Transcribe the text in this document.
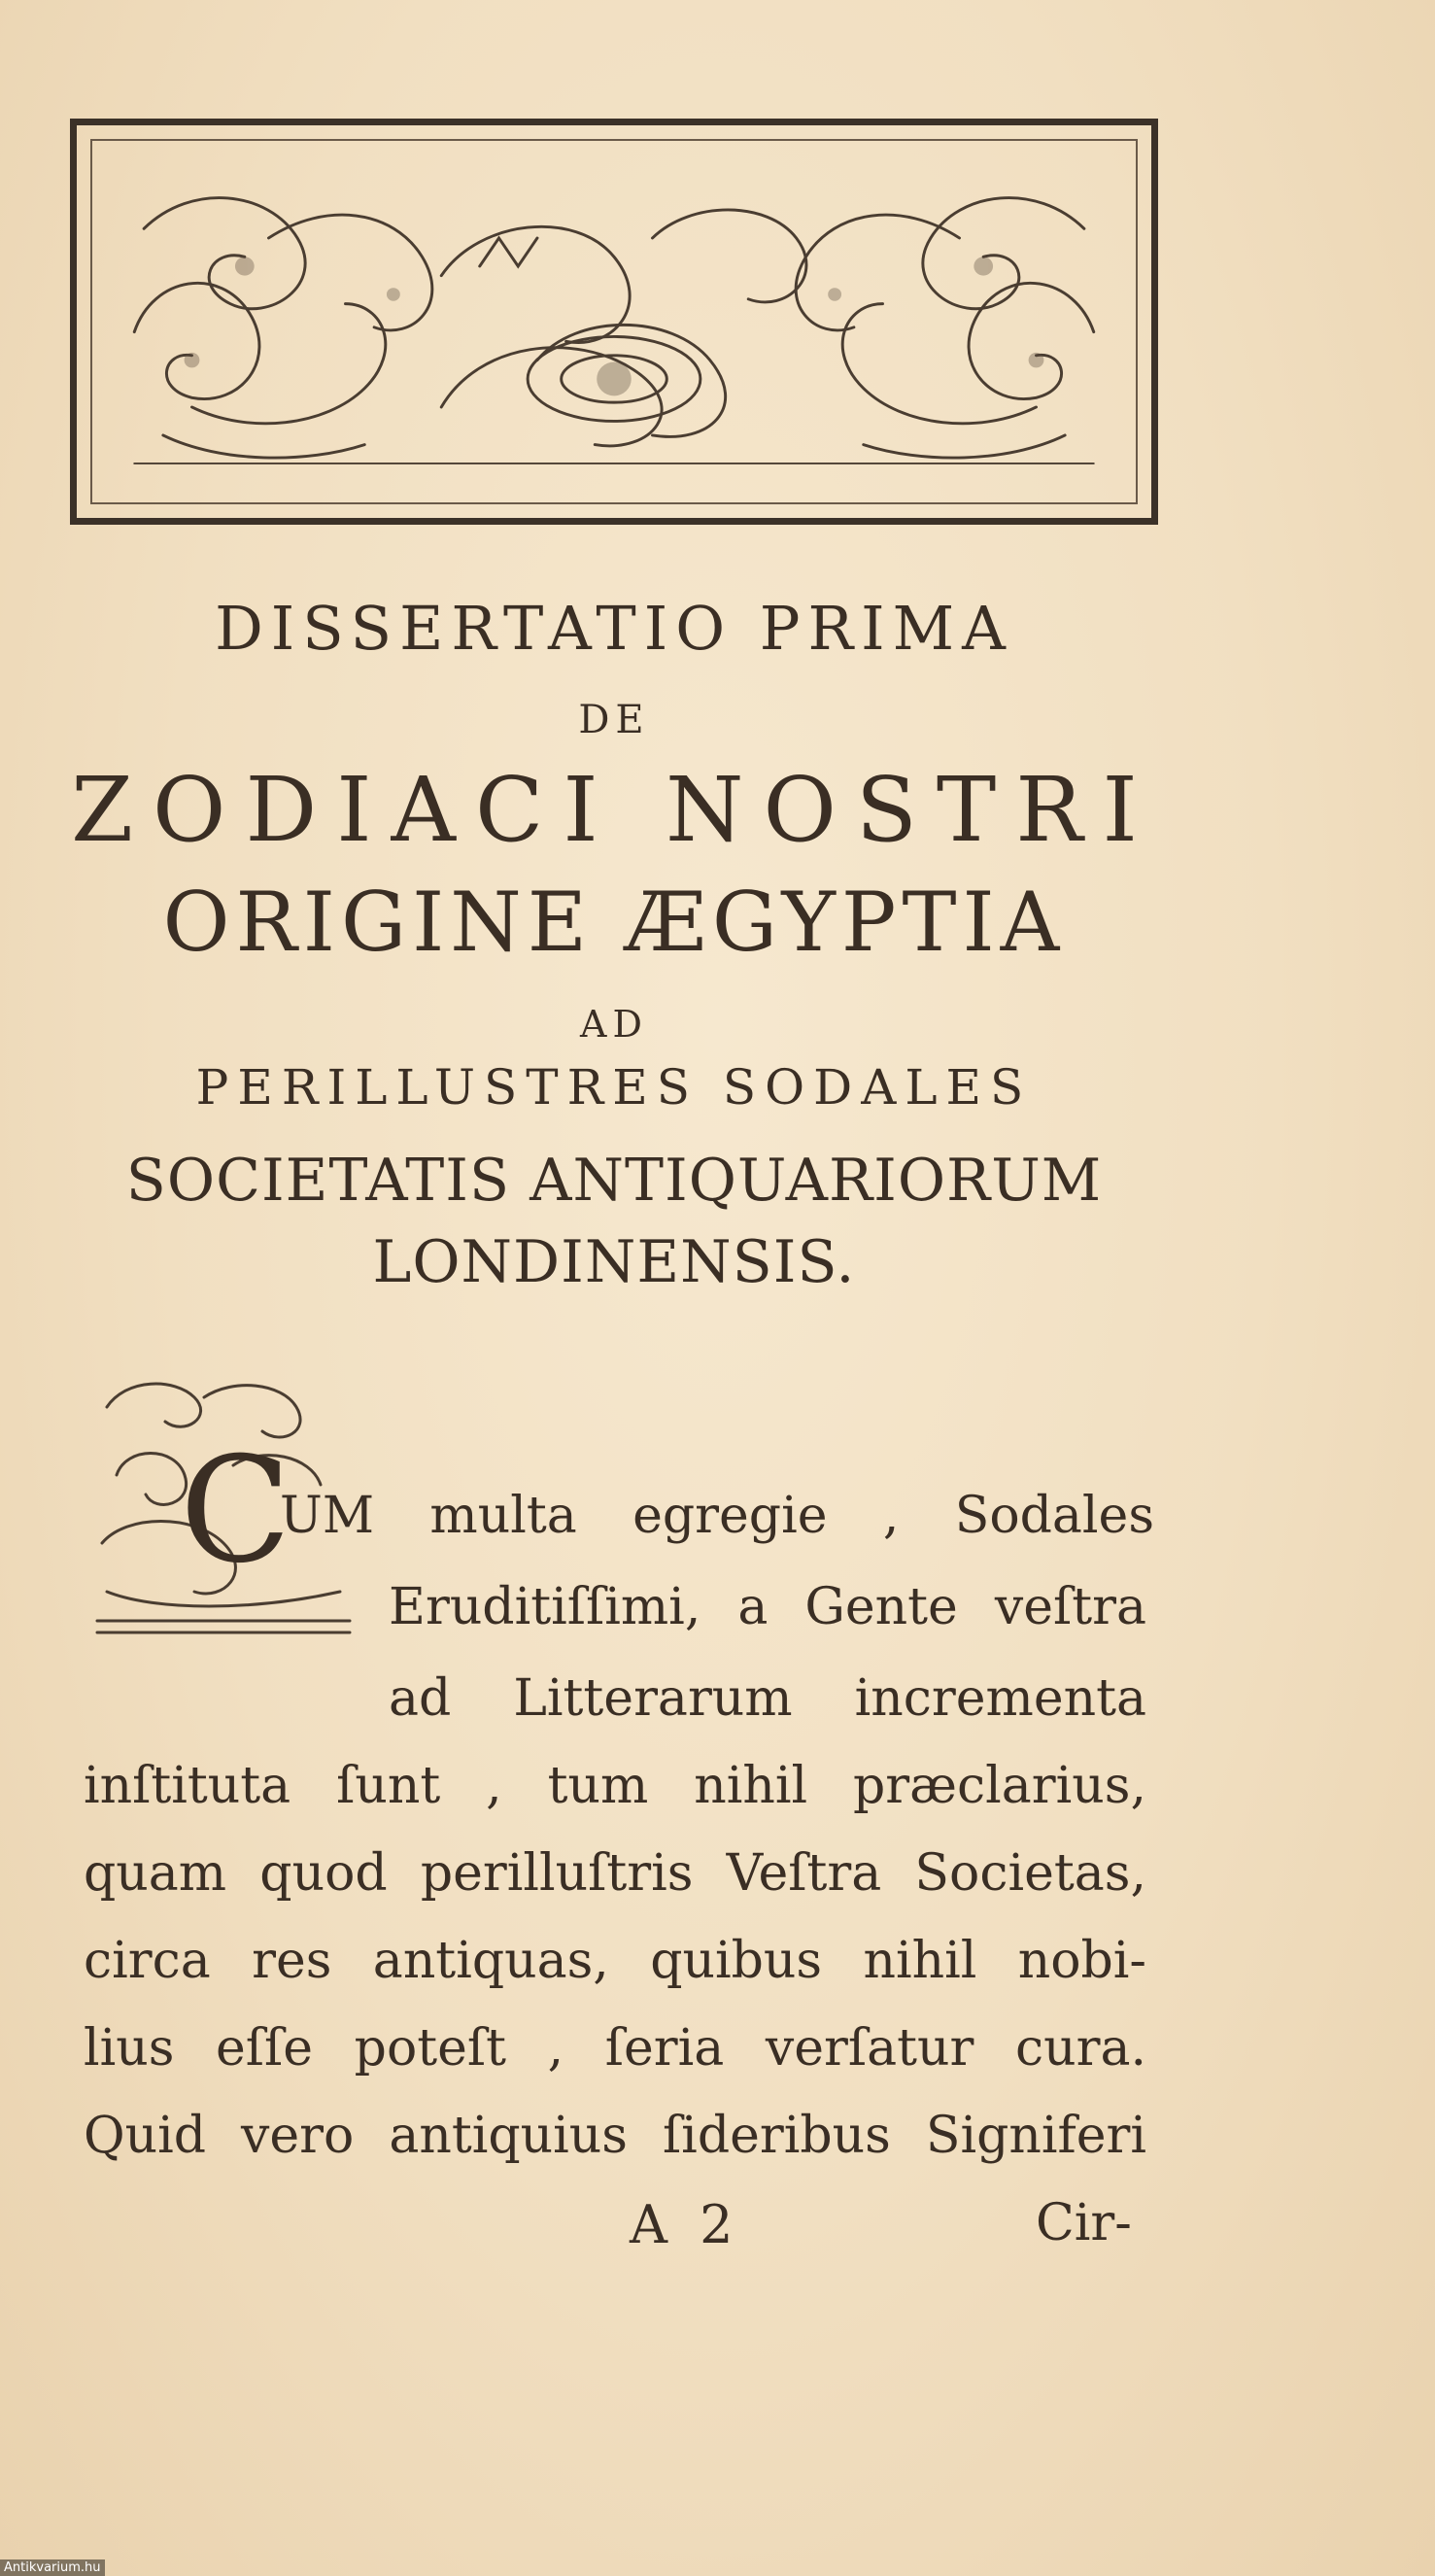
DISSERTATIO PRIMA
DE
ZODIACI NOSTRI
ORIGINE ÆGYPTIA
AD
PERILLUSTRES SODALES
SOCIETATIS ANTIQUARIORUM
LONDINENSIS.
C
UM multa egregie , Sodales
Eruditiſſimi, a Gente veſtra
ad Litterarum incrementa
inſtituta ſunt , tum nihil præclarius,
quam quod perilluſtris Veſtra Societas,
circa res antiquas, quibus nihil nobi-
lius eſſe poteſt , ſeria verſatur cura.
Quid vero antiquius ſideribus Signiferi
A 2	Cir-
Antikvarium.hu
